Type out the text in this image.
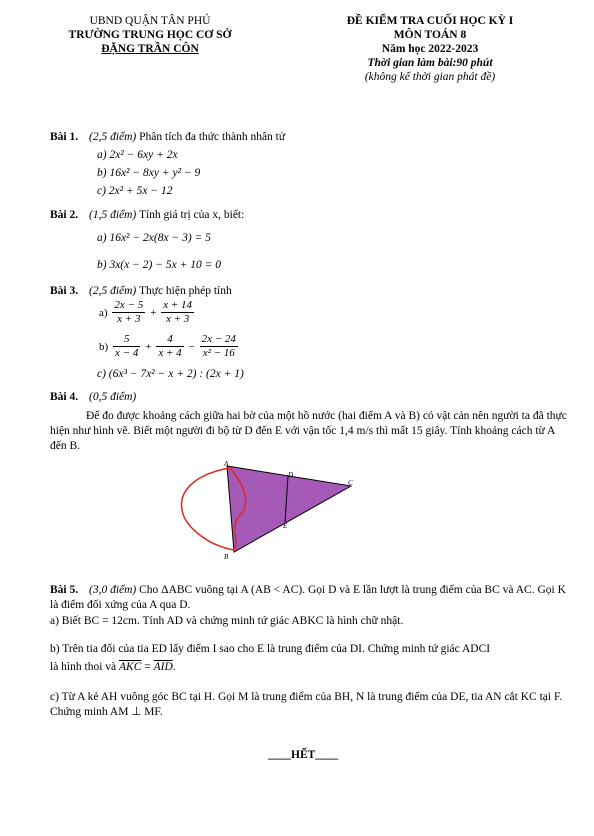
UBND QUẬN TÂN PHÚ
TRƯỜNG TRUNG HỌC CƠ SỞ
ĐẶNG TRẦN CÔN
ĐỀ KIỂM TRA CUỐI HỌC KỲ I
MÔN TOÁN 8
Năm học 2022-2023
Thời gian làm bài:90 phút
(không kể thời gian phát đề)
Bài 1. (2,5 điểm) Phân tích đa thức thành nhân tử
a) 2x² − 6xy + 2x
b) 16x² − 8xy + y² − 9
c) 2x² + 5x − 12
Bài 2. (1,5 điểm) Tính giá trị của x, biết:
a) 16x² − 2x(8x − 3) = 5
b) 3x(x − 2) − 5x + 10 = 0
Bài 3. (2,5 điểm) Thực hiện phép tính
$a) \frac{2x - 5}{x + 3} + \frac{x + 14}{x + 3}$
$b) \frac{5}{x - 4} + \frac{4}{x + 4} - \frac{2x - 24}{\text{x² − 16}}$
c) (6x³ − 7x² − x + 2) : (2x + 1)
Bài 4. (0,5 điểm)
Để đo được khoảng cách giữa hai bờ của một hồ nước (hai điểm A và B) có vật cản nên người ta đã thực hiện như hình vẽ. Biết một người đi bộ từ D đến E với vận tốc 1,4 m/s thì mất 15 giây. Tính khoảng cách từ A đến B.
A
B
C
D
E
Bài 5. (3,0 điểm) Cho ΔABC vuông tại A (AB < AC). Gọi D và E lần lượt là trung điểm của BC và AC. Gọi K là điểm đối xứng của A qua D.
a) Biết BC = 12cm. Tính AD và chứng minh tứ giác ABKC là hình chữ nhật.
b) Trên tia đối của tia ED lấy điểm I sao cho E là trung điểm của DI. Chứng minh tứ giác ADCI
là hình thoi và $\overline{AKC} = \overline{AID}$.
c) Từ A kẻ AH vuông góc BC tại H. Gọi M là trung điểm của BH, N là trung điểm của DE, tia AN cắt KC tại F. Chứng minh AM ⊥ MF.
____HẾT____
